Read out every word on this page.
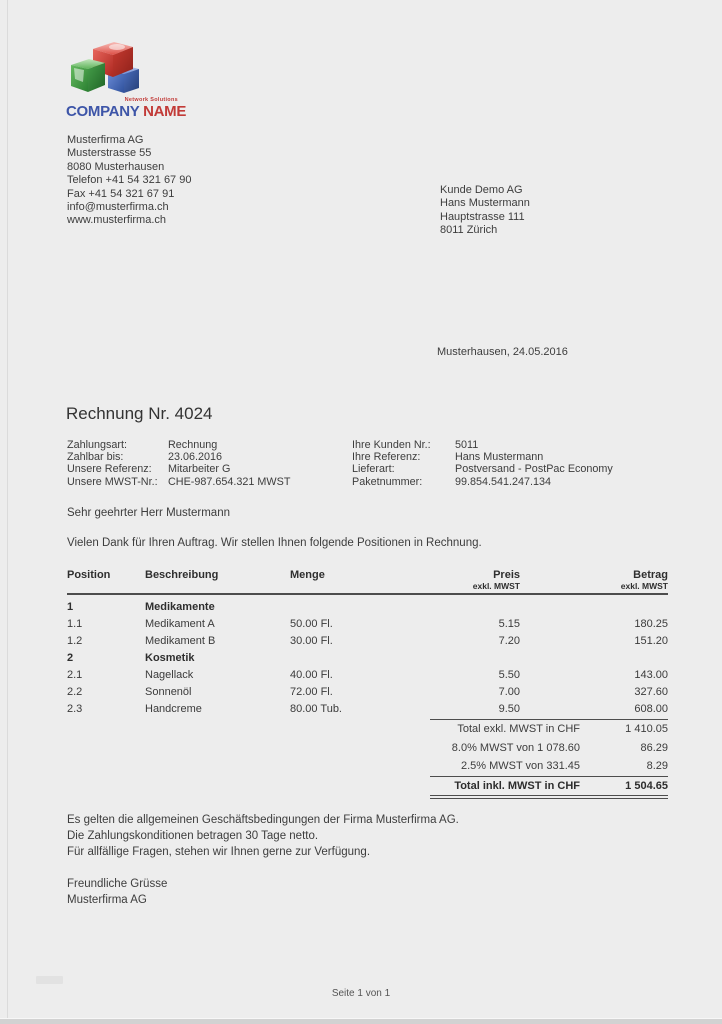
Network Solutions
COMPANY NAME
Musterfirma AG
Musterstrasse 55
8080 Musterhausen
Telefon +41 54 321 67 90
Fax +41 54 321 67 91
info@musterfirma.ch
www.musterfirma.ch
Kunde Demo AG
Hans Mustermann
Hauptstrasse 111
8011 Zürich
Musterhausen, 24.05.2016
Rechnung Nr. 4024
Zahlungsart:	Rechnung
Zahlbar bis:	23.06.2016
Unsere Referenz:	Mitarbeiter G
Unsere MWST-Nr.: CHE-987.654.321 MWST
Ihre Kunden Nr.:	5011
Ihre Referenz:	Hans Mustermann
Lieferart:	Postversand - PostPac Economy
Paketnummer:	99.854.541.247.134
Sehr geehrter Herr Mustermann
Vielen Dank für Ihren Auftrag. Wir stellen Ihnen folgende Positionen in Rechnung.
Position	Beschreibung	Menge	Preis	Betrag
exkl. MWST	exkl. MWST
1	Medikamente
1.1	Medikament A	50.00 Fl.	5.15	180.25
1.2	Medikament B	30.00 Fl.	7.20	151.20
2	Kosmetik
2.1	Nagellack	40.00 Fl.	5.50	143.00
2.2	Sonnenöl	72.00 Fl.	7.00	327.60
2.3	Handcreme	80.00 Tub.	9.50	608.00
Total exkl. MWST in CHF	1 410.05
8.0% MWST von 1 078.60	86.29
2.5% MWST von 331.45	8.29
Total inkl. MWST in CHF	1 504.65
Es gelten die allgemeinen Geschäftsbedingungen der Firma Musterfirma AG.
Die Zahlungskonditionen betragen 30 Tage netto.
Für allfällige Fragen, stehen wir Ihnen gerne zur Verfügung.
Freundliche Grüsse
Musterfirma AG
Seite 1 von 1
